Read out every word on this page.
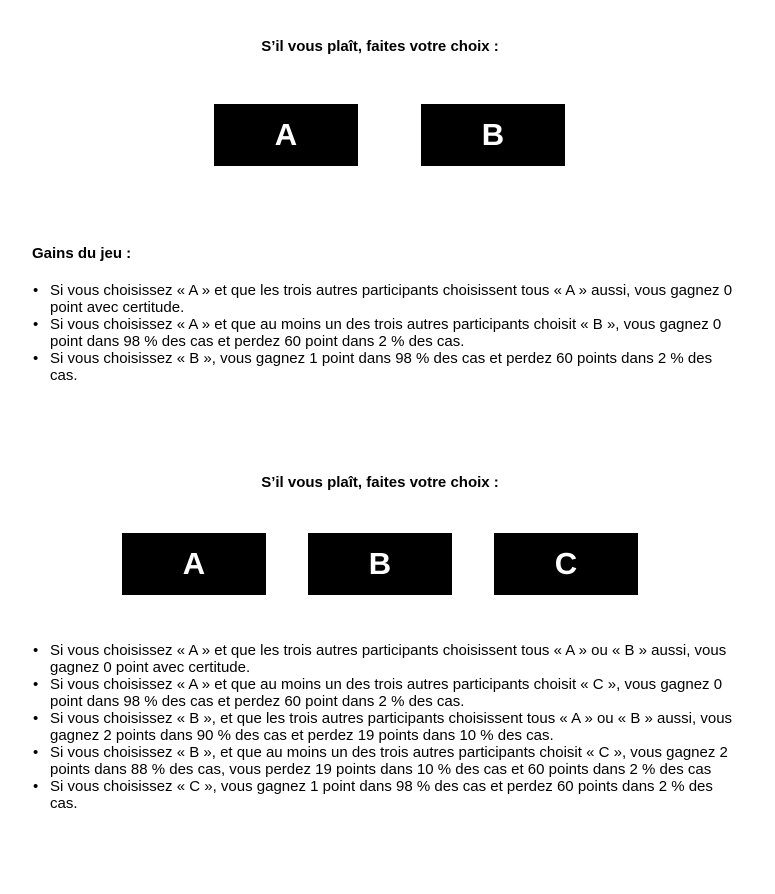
S’il vous plaît, faites votre choix :
A	B
Gains du jeu :
• Si vous choisissez « A » et que les trois autres participants choisissent tous « A » aussi, vous gagnez 0 point avec certitude.
• Si vous choisissez « A » et que au moins un des trois autres participants choisit « B », vous gagnez 0 point dans 98 % des cas et perdez 60 point dans 2 % des cas.
• Si vous choisissez « B », vous gagnez 1 point dans 98 % des cas et perdez 60 points dans 2 % des cas.
S’il vous plaît, faites votre choix :
A	B	C
• Si vous choisissez « A » et que les trois autres participants choisissent tous « A » ou « B » aussi, vous gagnez 0 point avec certitude.
• Si vous choisissez « A » et que au moins un des trois autres participants choisit « C », vous gagnez 0 point dans 98 % des cas et perdez 60 point dans 2 % des cas.
• Si vous choisissez « B », et que les trois autres participants choisissent tous « A » ou « B » aussi, vous gagnez 2 points dans 90 % des cas et perdez 19 points dans 10 % des cas.
• Si vous choisissez « B », et que au moins un des trois autres participants choisit « C », vous gagnez 2 points dans 88 % des cas, vous perdez 19 points dans 10 % des cas et 60 points dans 2 % des cas
• Si vous choisissez « C », vous gagnez 1 point dans 98 % des cas et perdez 60 points dans 2 % des cas.
